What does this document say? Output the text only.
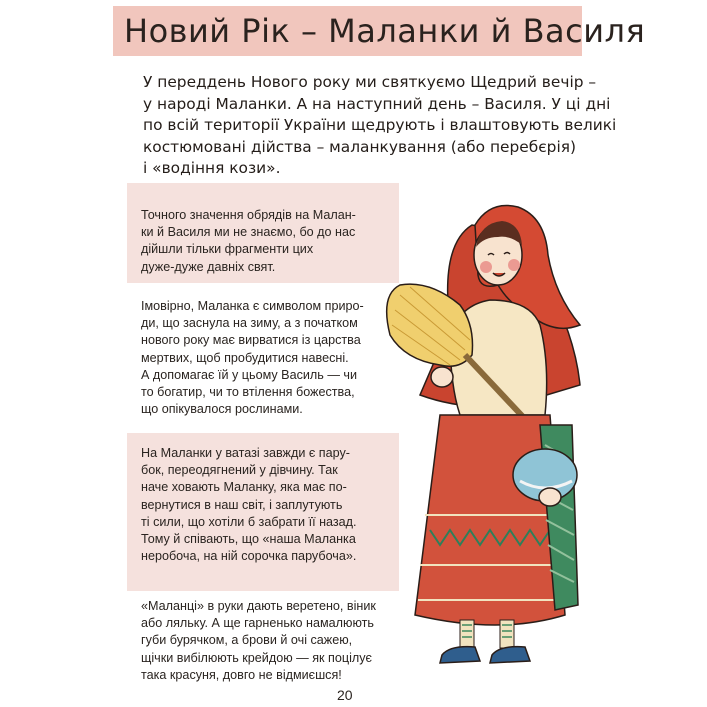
Новий Рік – Маланки й Василя
У переддень Нового року ми святкуємо Щедрий вечір –
у народі Маланки. А на наступний день – Василя. У ці дні
по всій території України щедрують і влаштовують великі
костюмовані дійства – маланкування (або перебєрія)
і «водіння кози».
Точного значення обрядів на Малан-
ки й Василя ми не знаємо, бо до нас
дійшли тільки фрагменти цих
дуже-дуже давніх свят.
Імовірно, Маланка є символом приро-
ди, що заснула на зиму, а з початком
нового року має вирватися із царства
мертвих, щоб пробудитися навесні.
А допомагає їй у цьому Василь — чи
то богатир, чи то втілення божества,
що опікувалося рослинами.
На Маланки у ватазі завжди є пару-
бок, переодягнений у дівчину. Так
наче ховають Маланку, яка має по-
вернутися в наш світ, і заплутують
ті сили, що хотіли б забрати її назад.
Тому й співають, що «наша Маланка
неробоча, на ній сорочка парубоча».
«Маланці» в руки дають веретено, віник
або ляльку. А ще гарненько намалюють
губи бурячком, а брови й очі сажею,
щічки вибілюють крейдою — як поцілує
така красуня, довго не відмиєшся!
20
